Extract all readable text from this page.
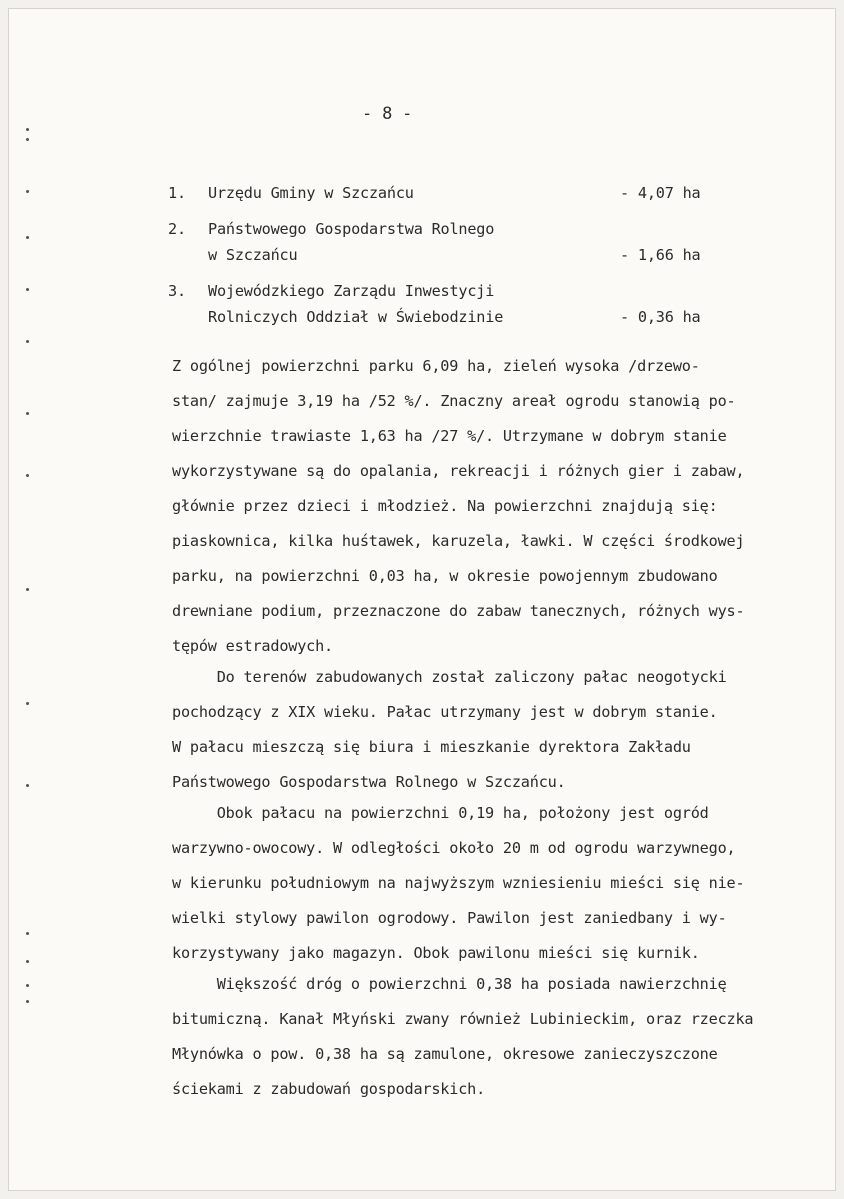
- 8 -
1. Urzędu Gminy w Szczańcu	- 4,07 ha
2. Państwowego Gospodarstwa Rolnego
w Szczańcu	- 1,66 ha
3. Wojewódzkiego Zarządu Inwestycji
Rolniczych Oddział w Świebodzinie	- 0,36 ha
Z ogólnej powierzchni parku 6,09 ha, zieleń wysoka /drzewo-
stan/ zajmuje 3,19 ha /52 %/. Znaczny areał ogrodu stanowią po-
wierzchnie trawiaste 1,63 ha /27 %/. Utrzymane w dobrym stanie
wykorzystywane są do opalania, rekreacji i różnych gier i zabaw,
głównie przez dzieci i młodzież. Na powierzchni znajdują się:
piaskownica, kilka huśtawek, karuzela, ławki. W części środkowej
parku, na powierzchni 0,03 ha, w okresie powojennym zbudowano
drewniane podium, przeznaczone do zabaw tanecznych, różnych wys-
tępów estradowych.
Do terenów zabudowanych został zaliczony pałac neogotycki
pochodzący z XIX wieku. Pałac utrzymany jest w dobrym stanie.
W pałacu mieszczą się biura i mieszkanie dyrektora Zakładu
Państwowego Gospodarstwa Rolnego w Szczańcu.
Obok pałacu na powierzchni 0,19 ha, położony jest ogród
warzywno-owocowy. W odległości około 20 m od ogrodu warzywnego,
w kierunku południowym na najwyższym wzniesieniu mieści się nie-
wielki stylowy pawilon ogrodowy. Pawilon jest zaniedbany i wy-
korzystywany jako magazyn. Obok pawilonu mieści się kurnik.
Większość dróg o powierzchni 0,38 ha posiada nawierzchnię
bitumiczną. Kanał Młyński zwany również Lubinieckim, oraz rzeczka
Młynówka o pow. 0,38 ha są zamulone, okresowe zanieczyszczone
ściekami z zabudowań gospodarskich.
